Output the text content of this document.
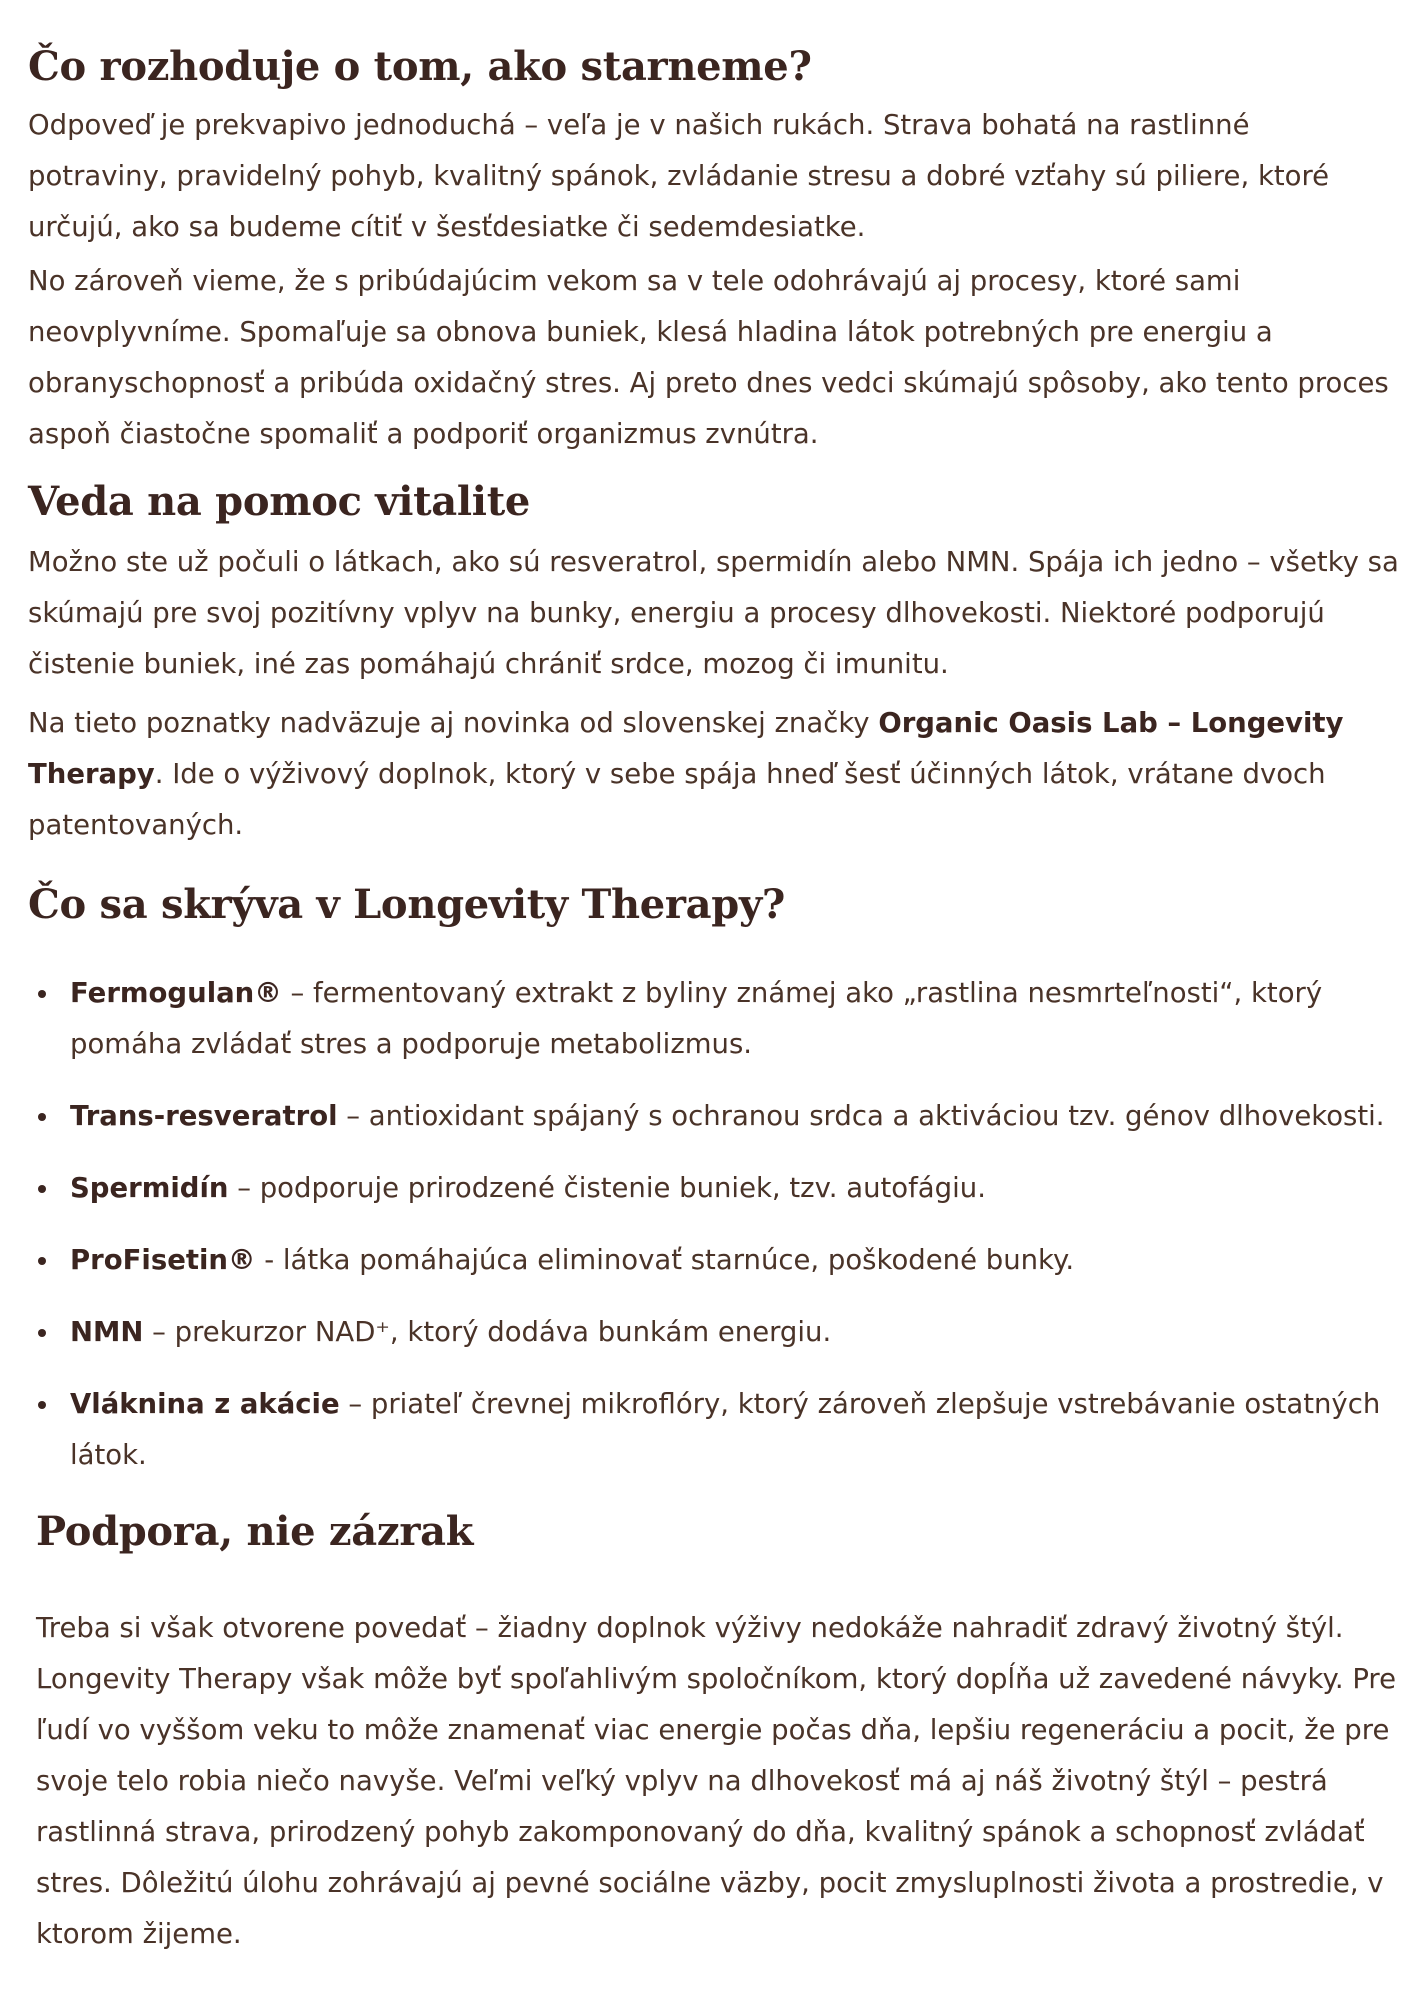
Čo rozhoduje o tom, ako starneme?

Odpoveď je prekvapivo jednoduchá – veľa je v našich rukách. Strava bohatá na rastlinné potraviny, pravidelný pohyb, kvalitný spánok, zvládanie stresu a dobré vzťahy sú piliere, ktoré určujú, ako sa budeme cítiť v šesťdesiatke či sedemdesiatke.

No zároveň vieme, že s pribúdajúcim vekom sa v tele odohrávajú aj procesy, ktoré sami neovplyvníme. Spomaľuje sa obnova buniek, klesá hladina látok potrebných pre energiu a obranyschopnosť a pribúda oxidačný stres. Aj preto dnes vedci skúmajú spôsoby, ako tento proces aspoň čiastočne spomaliť a podporiť organizmus zvnútra.

Veda na pomoc vitalite

Možno ste už počuli o látkach, ako sú resveratrol, spermidín alebo NMN. Spája ich jedno – všetky sa skúmajú pre svoj pozitívny vplyv na bunky, energiu a procesy dlhovekosti. Niektoré podporujú čistenie buniek, iné zas pomáhajú chrániť srdce, mozog či imunitu.

Na tieto poznatky nadväzuje aj novinka od slovenskej značky Organic Oasis Lab – Longevity Therapy. Ide o výživový doplnok, ktorý v sebe spája hneď šesť účinných látok, vrátane dvoch patentovaných.

Čo sa skrýva v Longevity Therapy?
Fermogulan® – fermentovaný extrakt z byliny známej ako „rastlina nesmrteľnosti“, ktorý pomáha zvládať stres a podporuje metabolizmus.
Trans-resveratrol – antioxidant spájaný s ochranou srdca a aktiváciou tzv. génov dlhovekosti.
Spermidín – podporuje prirodzené čistenie buniek, tzv. autofágiu.
ProFisetin® - látka pomáhajúca eliminovať starnúce, poškodené bunky.
NMN – prekurzor NAD⁺, ktorý dodáva bunkám energiu.
Vláknina z akácie – priateľ črevnej mikroflóry, ktorý zároveň zlepšuje vstrebávanie ostatných látok.
Podpora, nie zázrak

Treba si však otvorene povedať – žiadny doplnok výživy nedokáže nahradiť zdravý životný štýl. Longevity Therapy však môže byť spoľahlivým spoločníkom, ktorý dopĺňa už zavedené návyky. Pre ľudí vo vyššom veku to môže znamenať viac energie počas dňa, lepšiu regeneráciu a pocit, že pre svoje telo robia niečo navyše. Veľmi veľký vplyv na dlhovekosť má aj náš životný štýl – pestrá rastlinná strava, prirodzený pohyb zakomponovaný do dňa, kvalitný spánok a schopnosť zvládať stres. Dôležitú úlohu zohrávajú aj pevné sociálne väzby, pocit zmysluplnosti života a prostredie, v ktorom žijeme.
